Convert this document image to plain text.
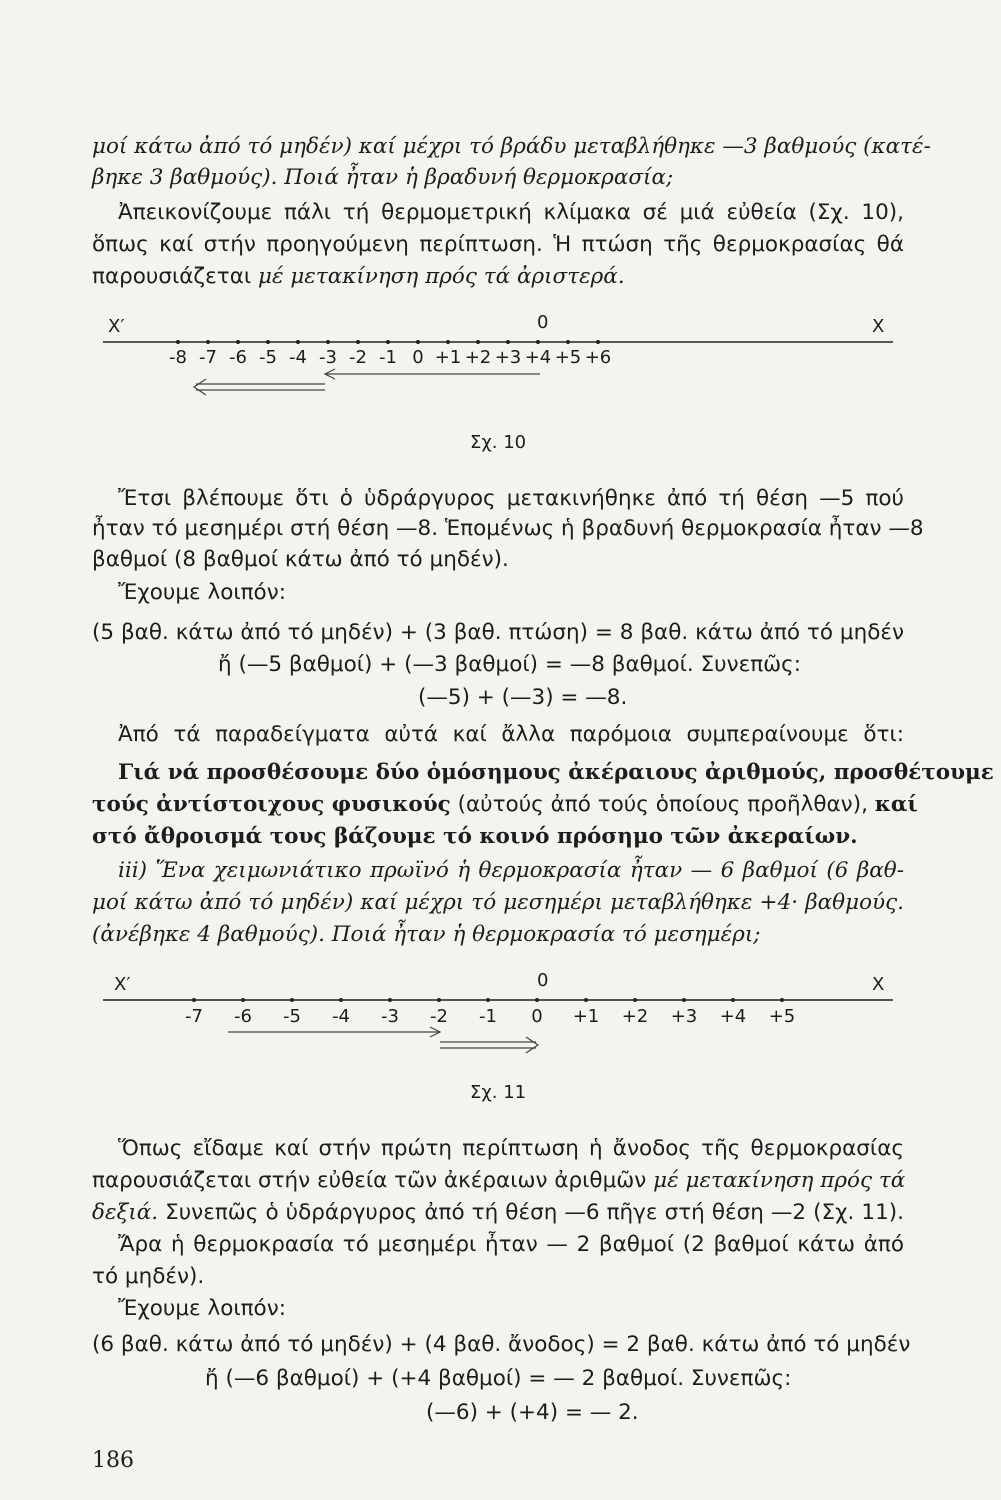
μοί κάτω ἀπό τό μηδέν) καί μέχρι τό βράδυ μεταβλήθηκε —3 βαθμούς (κατέ-
βηκε 3 βαθμούς). Ποιά ἦταν ἡ βραδυνή θερμοκρασία;
Ἀπεικονίζουμε πάλι τή θερμομετρική κλίμακα σέ μιά εὐθεία (Σχ. 10),
ὅπως καί στήν προηγούμενη περίπτωση. Ἡ πτώση τῆς θερμοκρασίας θά
παρουσιάζεται μέ μετακίνηση πρός τά ἀριστερά.
X′	0	X
-8 -7 -6 -5 -4 -3 -2 -1 0 +1 +2 +3 +4 +5 +6
Σχ. 10
Ἔτσι βλέπουμε ὅτι ὁ ὑδράργυρος μετακινήθηκε ἀπό τή θέση —5 πού
ἦταν τό μεσημέρι στή θέση —8. Ἑπομένως ἡ βραδυνή θερμοκρασία ἦταν —8
βαθμοί (8 βαθμοί κάτω ἀπό τό μηδέν).
Ἔχουμε λοιπόν:
(5 βαθ. κάτω ἀπό τό μηδέν) + (3 βαθ. πτώση) = 8 βαθ. κάτω ἀπό τό μηδέν
ἤ (—5 βαθμοί) + (—3 βαθμοί) = —8 βαθμοί. Συνεπῶς:
(—5) + (—3) = —8.
Ἀπό τά παραδείγματα αὐτά καί ἄλλα παρόμοια συμπεραίνουμε ὅτι:
Γιά νά προσθέσουμε δύο ὁμόσημους ἀκέραιους ἀριθμούς, προσθέτουμε
τούς ἀντίστοιχους φυσικούς (αὐτούς ἀπό τούς ὁποίους προῆλθαν), καί
στό ἄθροισμά τους βάζουμε τό κοινό πρόσημο τῶν ἀκεραίων.
iii) Ἕνα χειμωνιάτικο πρωϊνό ἡ θερμοκρασία ἦταν — 6 βαθμοί (6 βαθ-
μοί κάτω ἀπό τό μηδέν) καί μέχρι τό μεσημέρι μεταβλήθηκε +4· βαθμούς.
(ἀνέβηκε 4 βαθμούς). Ποιά ἦταν ἡ θερμοκρασία τό μεσημέρι;
X′	0	X
-7 -6 -5 -4 -3 -2 -1 0 +1 +2 +3 +4 +5
Σχ. 11
Ὅπως εἴδαμε καί στήν πρώτη περίπτωση ἡ ἄνοδος τῆς θερμοκρασίας
παρουσιάζεται στήν εὐθεία τῶν ἀκέραιων ἀριθμῶν μέ μετακίνηση πρός τά
δεξιά. Συνεπῶς ὁ ὑδράργυρος ἀπό τή θέση —6 πῆγε στή θέση —2 (Σχ. 11).
Ἄρα ἡ θερμοκρασία τό μεσημέρι ἦταν — 2 βαθμοί (2 βαθμοί κάτω ἀπό
τό μηδέν).
Ἔχουμε λοιπόν:
(6 βαθ. κάτω ἀπό τό μηδέν) + (4 βαθ. ἄνοδος) = 2 βαθ. κάτω ἀπό τό μηδέν
ἤ (—6 βαθμοί) + (+4 βαθμοί) = — 2 βαθμοί. Συνεπῶς:
(—6) + (+4) = — 2.
186
